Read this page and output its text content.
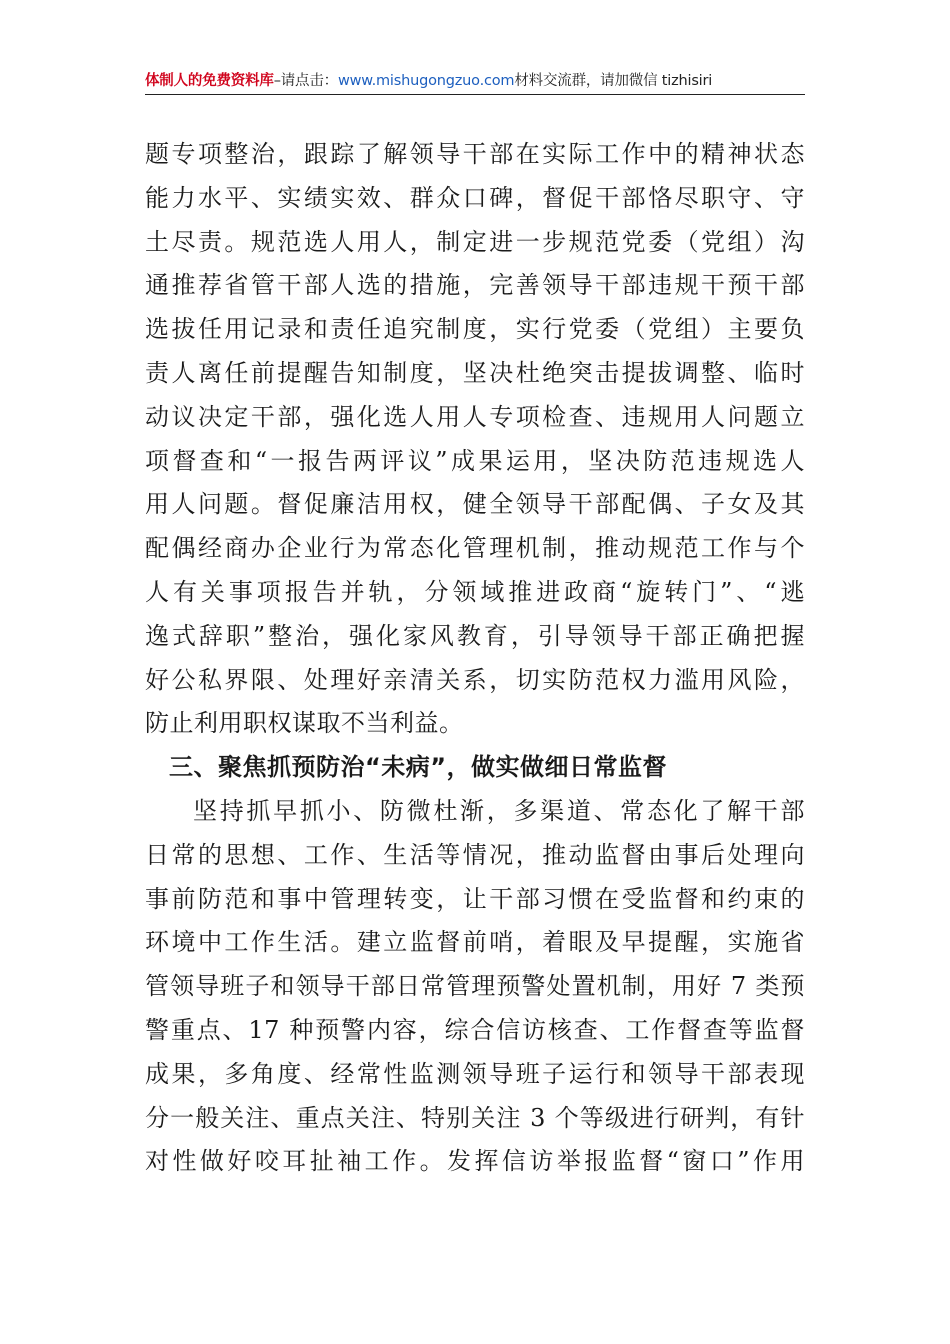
体制人的免费资料库–请点击：www.mishugongzuo.com材料交流群，请加微信 tizhisiri
题专项整治，跟踪了解领导干部在实际工作中的精神状态
能力水平、实绩实效、群众口碑，督促干部恪尽职守、守
土尽责。规范选人用人，制定进一步规范党委（党组）沟
通推荐省管干部人选的措施，完善领导干部违规干预干部
选拔任用记录和责任追究制度，实行党委（党组）主要负
责人离任前提醒告知制度，坚决杜绝突击提拔调整、临时
动议决定干部，强化选人用人专项检查、违规用人问题立
项督查和“一报告两评议”成果运用，坚决防范违规选人
用人问题。督促廉洁用权，健全领导干部配偶、子女及其
配偶经商办企业行为常态化管理机制，推动规范工作与个
人有关事项报告并轨，分领域推进政商“旋转门”、“逃
逸式辞职”整治，强化家风教育，引导领导干部正确把握
好公私界限、处理好亲清关系，切实防范权力滥用风险，
防止利用职权谋取不当利益。
三、聚焦抓预防治“未病”，做实做细日常监督
坚持抓早抓小、防微杜渐，多渠道、常态化了解干部
日常的思想、工作、生活等情况，推动监督由事后处理向
事前防范和事中管理转变，让干部习惯在受监督和约束的
环境中工作生活。建立监督前哨，着眼及早提醒，实施省
管领导班子和领导干部日常管理预警处置机制，用好 7 类预
警重点、17 种预警内容，综合信访核查、工作督查等监督
成果，多角度、经常性监测领导班子运行和领导干部表现
分一般关注、重点关注、特别关注 3 个等级进行研判，有针
对性做好咬耳扯袖工作。发挥信访举报监督“窗口”作用
